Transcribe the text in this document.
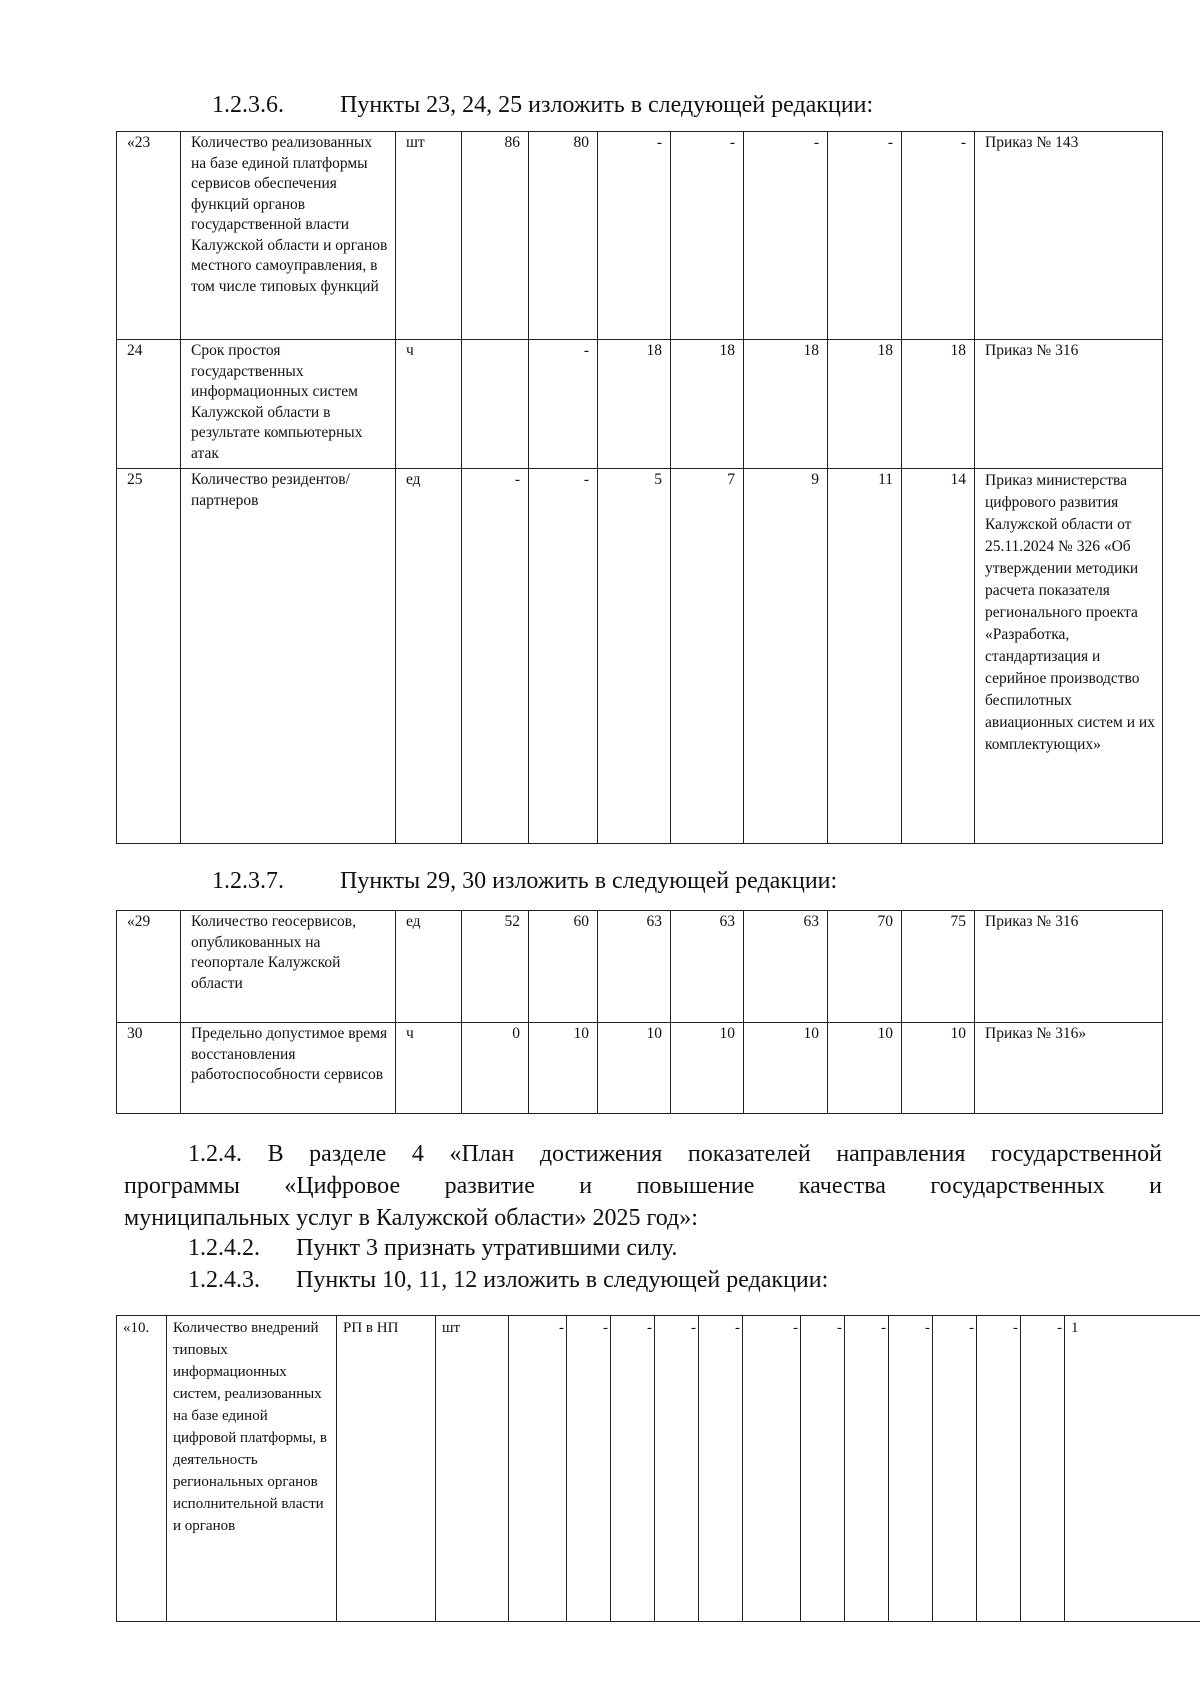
1.2.3.6. Пункты 23, 24, 25 изложить в следующей редакции:
«23	Количество реализованных на базе единой платформы сервисов обеспечения функций органов государственной власти Калужской области и органов местного самоуправления, в том числе типовых функций	шт	86	80	-	-	-	-	-	Приказ № 143
24	Срок простоя государственных информационных систем Калужской области в результате компьютерных атак	ч		-	18	18	18	18	18	Приказ № 316
25	Количество резидентов/партнеров	ед	-	-	5	7	9	11	14	Приказ министерства цифрового развития Калужской области от 25.11.2024 № 326 «Об утверждении методики расчета показателя регионального проекта «Разработка, стандартизация и серийное производство беспилотных авиационных систем и их комплектующих»
1.2.3.7. Пункты 29, 30 изложить в следующей редакции:
«29	Количество геосервисов, опубликованных на геопортале Калужской области	ед	52	60	63	63	63	70	75	Приказ № 316
30	Предельно допустимое время восстановления работоспособности сервисов	ч	0	10	10	10	10	10	10	Приказ № 316»
1.2.4. В разделе 4 «План достижения показателей направления государственной
программы «Цифровое развитие и повышение качества государственных и
муниципальных услуг в Калужской области» 2025 год»:
1.2.4.2. Пункт 3 признать утратившими силу.
1.2.4.3. Пункты 10, 11, 12 изложить в следующей редакции:
«10.	Количество внедрений типовых информационных систем, реализованных на базе единой цифровой платформы, в деятельность региональных органов исполнительной власти и органов	РП в НП	шт	-	-	-	-	-	-	-	-	-	-	-	-	1
